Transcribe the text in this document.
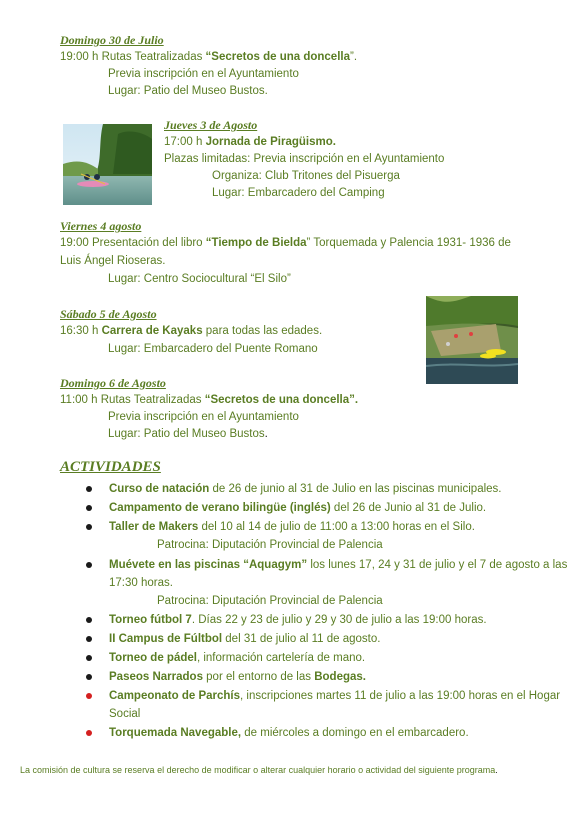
Domingo 30 de Julio
19:00 h Rutas Teatralizadas “Secretos de una doncella”.
Previa inscripción en el Ayuntamiento
Lugar: Patio del Museo Bustos.
Jueves 3 de Agosto
17:00 h Jornada de Piragüismo.
Plazas limitadas: Previa inscripción en el Ayuntamiento
Organiza: Club Tritones del Pisuerga
Lugar: Embarcadero del Camping
Viernes 4 agosto
19:00 Presentación del libro “Tiempo de Bielda” Torquemada y Palencia 1931- 1936 de
Luis Ángel Rioseras.
Lugar: Centro Sociocultural “El Silo”
Sábado 5 de Agosto
16:30 h Carrera de Kayaks para todas las edades.
Lugar: Embarcadero del Puente Romano
Domingo 6 de Agosto
11:00 h Rutas Teatralizadas “Secretos de una doncella”.
Previa inscripción en el Ayuntamiento
Lugar: Patio del Museo Bustos.
ACTIVIDADES
Curso de natación de 26 de junio al 31 de Julio en las piscinas municipales.
Campamento de verano bilingüe (inglés) del 26 de Junio al 31 de Julio.
Taller de Makers del 10 al 14 de julio de 11:00 a 13:00 horas en el Silo.
Patrocina: Diputación Provincial de Palencia
Muévete en las piscinas “Aquagym” los lunes 17, 24 y 31 de julio y el 7 de agosto a las 17:30 horas.
Patrocina: Diputación Provincial de Palencia
Torneo fútbol 7. Días 22 y 23 de julio y 29 y 30 de julio a las 19:00 horas.
II Campus de Fúltbol del 31 de julio al 11 de agosto.
Torneo de pádel, información cartelería de mano.
Paseos Narrados por el entorno de las Bodegas.
Campeonato de Parchís, inscripciones martes 11 de julio a las 19:00 horas en el Hogar Social
Torquemada Navegable, de miércoles a domingo en el embarcadero.
La comisión de cultura se reserva el derecho de modificar o alterar cualquier horario o actividad del siguiente programa.
